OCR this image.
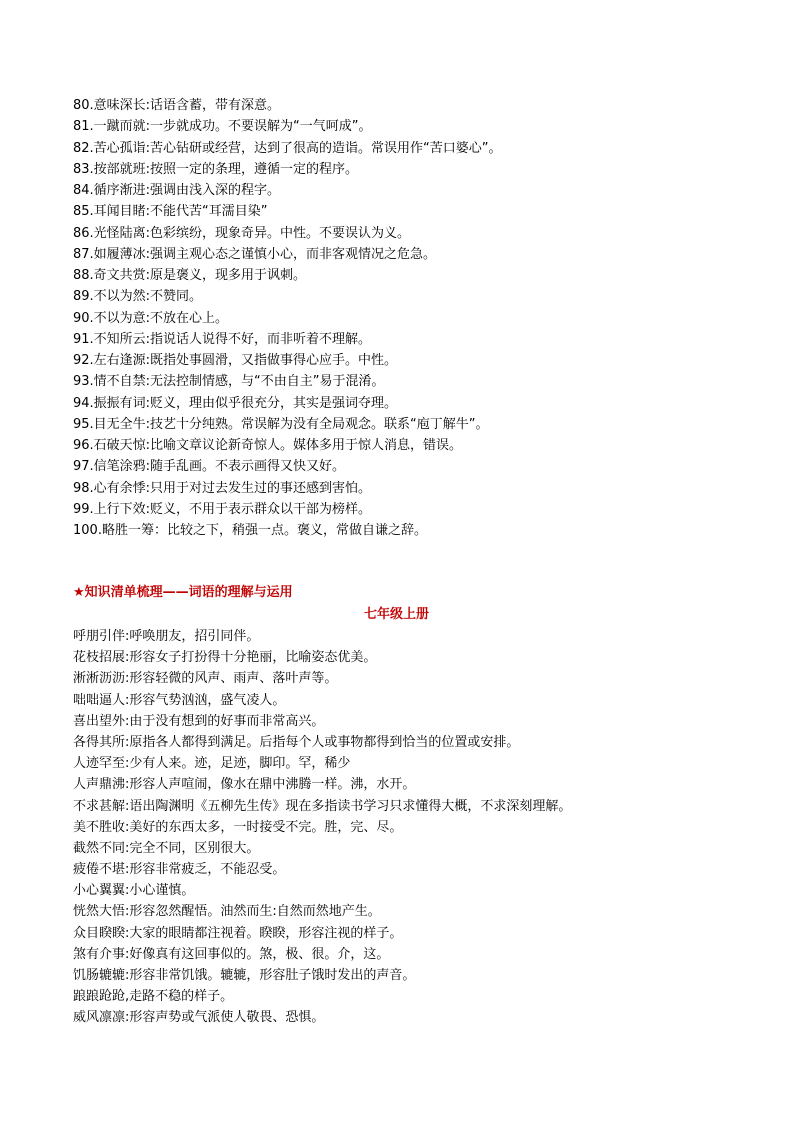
80.意味深长:话语含蓄，带有深意。
81.一蹴而就:一步就成功。不要误解为“一气呵成”。
82.苦心孤诣:苦心钻研或经营，达到了很高的造诣。常误用作“苦口婆心”。
83.按部就班:按照一定的条理，遵循一定的程序。
84.循序渐进:强调由浅入深的程字。
85.耳闻目睹:不能代苦“耳濡目染”
86.光怪陆离:色彩缤纷，现象奇异。中性。不要误认为义。
87.如履薄冰:强调主观心态之谨慎小心，而非客观情况之危急。
88.奇文共赏:原是褒义，现多用于讽刺。
89.不以为然:不赞同。
90.不以为意:不放在心上。
91.不知所云:指说话人说得不好，而非听着不理解。
92.左右逢源:既指处事圆滑，又指做事得心应手。中性。
93.情不自禁:无法控制情感，与“不由自主”易于混淆。
94.振振有词:贬义，理由似乎很充分，其实是强词夺理。
95.目无全牛:技艺十分纯熟。常误解为没有全局观念。联系“庖丁解牛”。
96.石破天惊:比喻文章议论新奇惊人。媒体多用于惊人消息，错误。
97.信笔涂鸦:随手乱画。不表示画得又快又好。
98.心有余悸:只用于对过去发生过的事还感到害怕。
99.上行下效:贬义，不用于表示群众以干部为榜样。
100.略胜一筹：比较之下，稍强一点。褒义，常做自谦之辞。
★知识清单梳理——词语的理解与运用
七年级上册
呼朋引伴:呼唤朋友，招引同伴。
花枝招展:形容女子打扮得十分艳丽，比喻姿态优美。
淅淅沥沥:形容轻微的风声、雨声、落叶声等。
咄咄逼人:形容气势汹汹，盛气凌人。
喜出望外:由于没有想到的好事而非常高兴。
各得其所:原指各人都得到满足。后指每个人或事物都得到恰当的位置或安排。
人迹罕至:少有人来。迹，足迹，脚印。罕，稀少
人声鼎沸:形容人声喧闹，像水在鼎中沸腾一样。沸，水开。
不求甚解:语出陶渊明《五柳先生传》现在多指读书学习只求懂得大概，不求深刻理解。
美不胜收:美好的东西太多，一时接受不完。胜，完、尽。
截然不同:完全不同，区别很大。
疲倦不堪:形容非常疲乏，不能忍受。
小心翼翼:小心谨慎。
恍然大悟:形容忽然醒悟。油然而生:自然而然地产生。
众目睽睽:大家的眼睛都注视着。睽睽，形容注视的样子。
煞有介事:好像真有这回事似的。煞，极、很。介，这。
饥肠辘辘:形容非常饥饿。辘辘，形容肚子饿时发出的声音。
踉踉跄跄,走路不稳的样子。
威风凛凛:形容声势或气派使人敬畏、恐惧。
